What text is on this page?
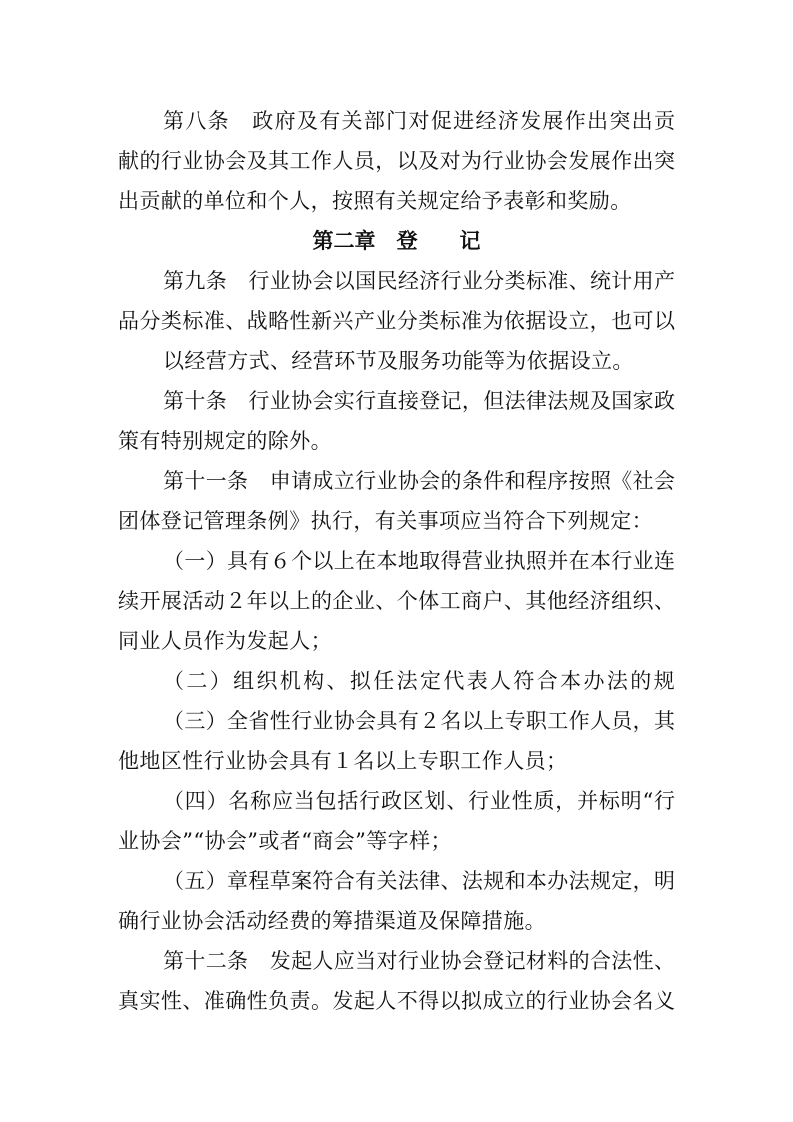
第八条　政府及有关部门对促进经济发展作出突出贡
献的行业协会及其工作人员，以及对为行业协会发展作出突
出贡献的单位和个人，按照有关规定给予表彰和奖励。
第二章　登　　记
第九条　行业协会以国民经济行业分类标准、统计用产
品分类标准、战略性新兴产业分类标准为依据设立，也可以
以经营方式、经营环节及服务功能等为依据设立。
第十条　行业协会实行直接登记，但法律法规及国家政
策有特别规定的除外。
第十一条　申请成立行业协会的条件和程序按照《社会
团体登记管理条例》执行，有关事项应当符合下列规定：
（一）具有６个以上在本地取得营业执照并在本行业连
续开展活动２年以上的企业、个体工商户、其他经济组织、
同业人员作为发起人；
（二）组织机构、拟任法定代表人符合本办法的规
（三）全省性行业协会具有２名以上专职工作人员，其
他地区性行业协会具有１名以上专职工作人员；
（四）名称应当包括行政区划、行业性质，并标明“行
业协会”“协会”或者“商会”等字样；
（五）章程草案符合有关法律、法规和本办法规定，明
确行业协会活动经费的筹措渠道及保障措施。
第十二条　发起人应当对行业协会登记材料的合法性、
真实性、准确性负责。发起人不得以拟成立的行业协会名义
